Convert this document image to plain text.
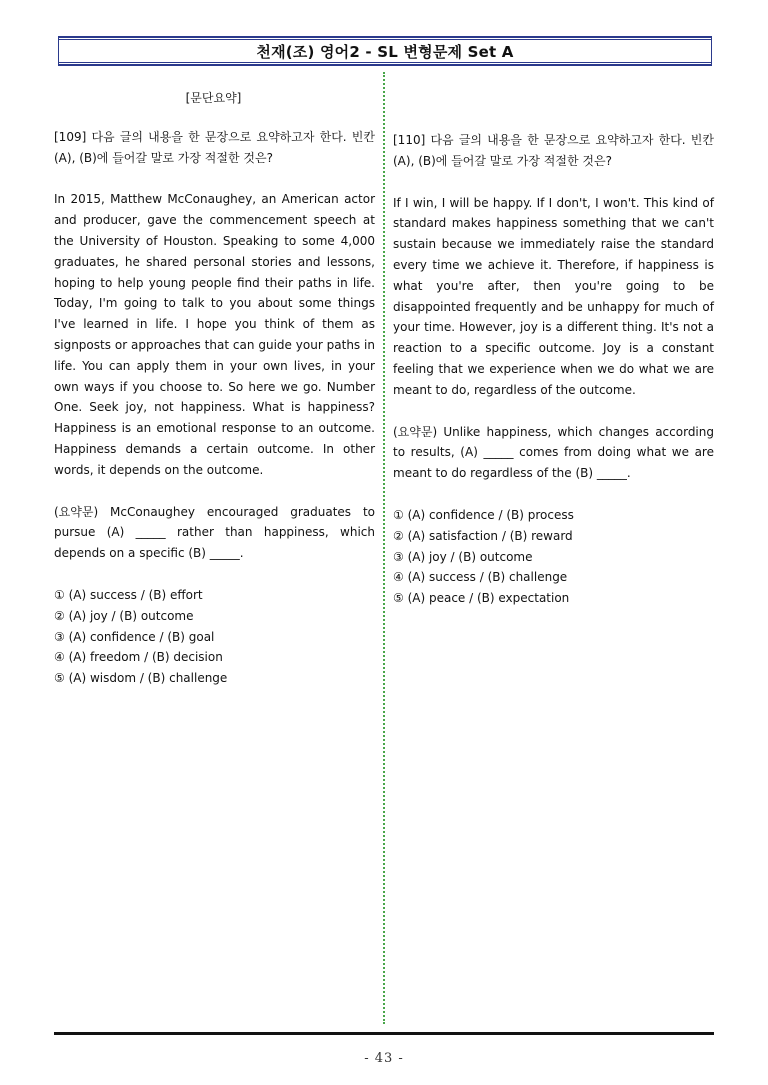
천재(조) 영어2 - SL 변형문제 Set A
[문단요약]
[109] 다음 글의 내용을 한 문장으로 요약하고자 한다. 빈칸 (A), (B)에 들어갈 말로 가장 적절한 것은?

In 2015, Matthew McConaughey, an American actor and producer, gave the commencement speech at the University of Houston. Speaking to some 4,000 graduates, he shared personal stories and lessons, hoping to help young people find their paths in life. Today, I'm going to talk to you about some things I've learned in life. I hope you think of them as signposts or approaches that can guide your paths in life. You can apply them in your own lives, in your own ways if you choose to. So here we go. Number One. Seek joy, not happiness. What is happiness? Happiness is an emotional response to an outcome. Happiness demands a certain outcome. In other words, it depends on the outcome.

(요약문) McConaughey encouraged graduates to pursue (A) _____ rather than happiness, which depends on a specific (B) _____.

① (A) success / (B) effort
② (A) joy / (B) outcome
③ (A) confidence / (B) goal
④ (A) freedom / (B) decision
⑤ (A) wisdom / (B) challenge
[110] 다음 글의 내용을 한 문장으로 요약하고자 한다. 빈칸 (A), (B)에 들어갈 말로 가장 적절한 것은?

If I win, I will be happy. If I don't, I won't. This kind of standard makes happiness something that we can't sustain because we immediately raise the standard every time we achieve it. Therefore, if happiness is what you're after, then you're going to be disappointed frequently and be unhappy for much of your time. However, joy is a different thing. It's not a reaction to a specific outcome. Joy is a constant feeling that we experience when we do what we are meant to do, regardless of the outcome.

(요약문) Unlike happiness, which changes according to results, (A) _____ comes from doing what we are meant to do regardless of the (B) _____.

① (A) confidence / (B) process
② (A) satisfaction / (B) reward
③ (A) joy / (B) outcome
④ (A) success / (B) challenge
⑤ (A) peace / (B) expectation
- 43 -
